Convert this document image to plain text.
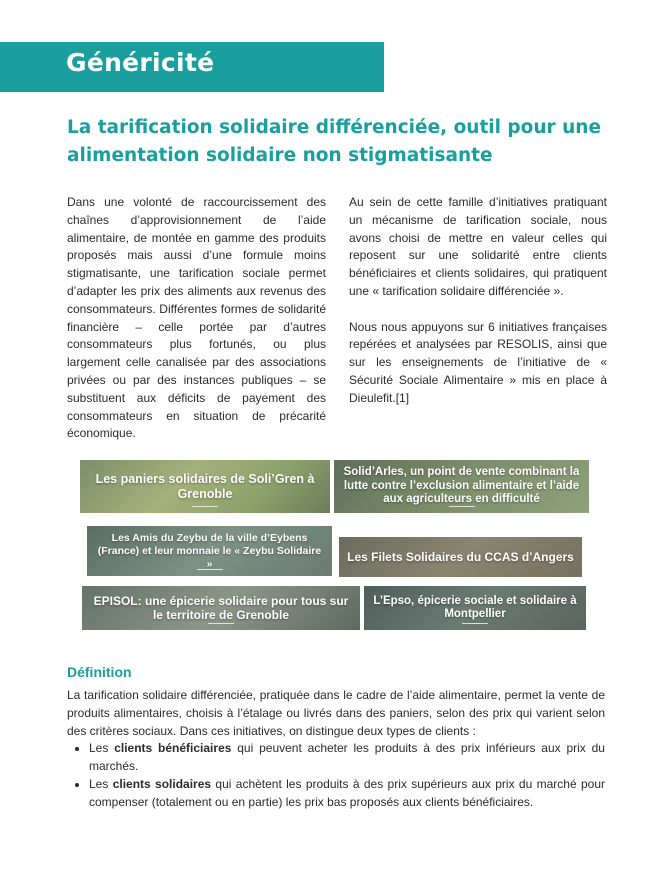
Généricité
La tarification solidaire différenciée, outil pour une alimentation solidaire non stigmatisante

Dans une volonté de raccourcissement des chaînes d’approvisionnement de l’aide alimentaire, de montée en gamme des produits proposés mais aussi d’une formule moins stigmatisante, une tarification sociale permet d’adapter les prix des aliments aux revenus des consommateurs. Différentes formes de solidarité financière – celle portée par d’autres consommateurs plus fortunés, ou plus largement celle canalisée par des associations privées ou par des instances publiques – se substituent aux déficits de payement des consommateurs en situation de précarité économique.

Au sein de cette famille d’initiatives pratiquant un mécanisme de tarification sociale, nous avons choisi de mettre en valeur celles qui reposent sur une solidarité entre clients bénéficiaires et clients solidaires, qui pratiquent une « tarification solidaire différenciée ».

Nous nous appuyons sur 6 initiatives françaises repérées et analysées par RESOLIS, ainsi que sur les enseignements de l’initiative de « Sécurité Sociale Alimentaire » mis en place à Dieulefit.[1]

Les paniers solidaires de Soli’Gren à Grenoble
Solid’Arles, un point de vente combinant la lutte contre l’exclusion alimentaire et l’aide aux agriculteurs en difficulté
Les Amis du Zeybu de la ville d’Eybens (France) et leur monnaie le « Zeybu Solidaire »	Les Filets Solidaires du CCAS d’Angers
EPISOL: une épicerie solidaire pour tous sur le territoire de Grenoble
L’Epso, épicerie sociale et solidaire à Montpellier
Définition

La tarification solidaire différenciée, pratiquée dans le cadre de l’aide alimentaire, permet la vente de produits alimentaires, choisis à l’étalage ou livrés dans des paniers, selon des prix qui varient selon des critères sociaux. Dans ces initiatives, on distingue deux types de clients :

• Les clients bénéficiaires qui peuvent acheter les produits à des prix inférieurs aux prix du marchés.
• Les clients solidaires qui achètent les produits à des prix supérieurs aux prix du marché pour compenser (totalement ou en partie) les prix bas proposés aux clients bénéficiaires.
